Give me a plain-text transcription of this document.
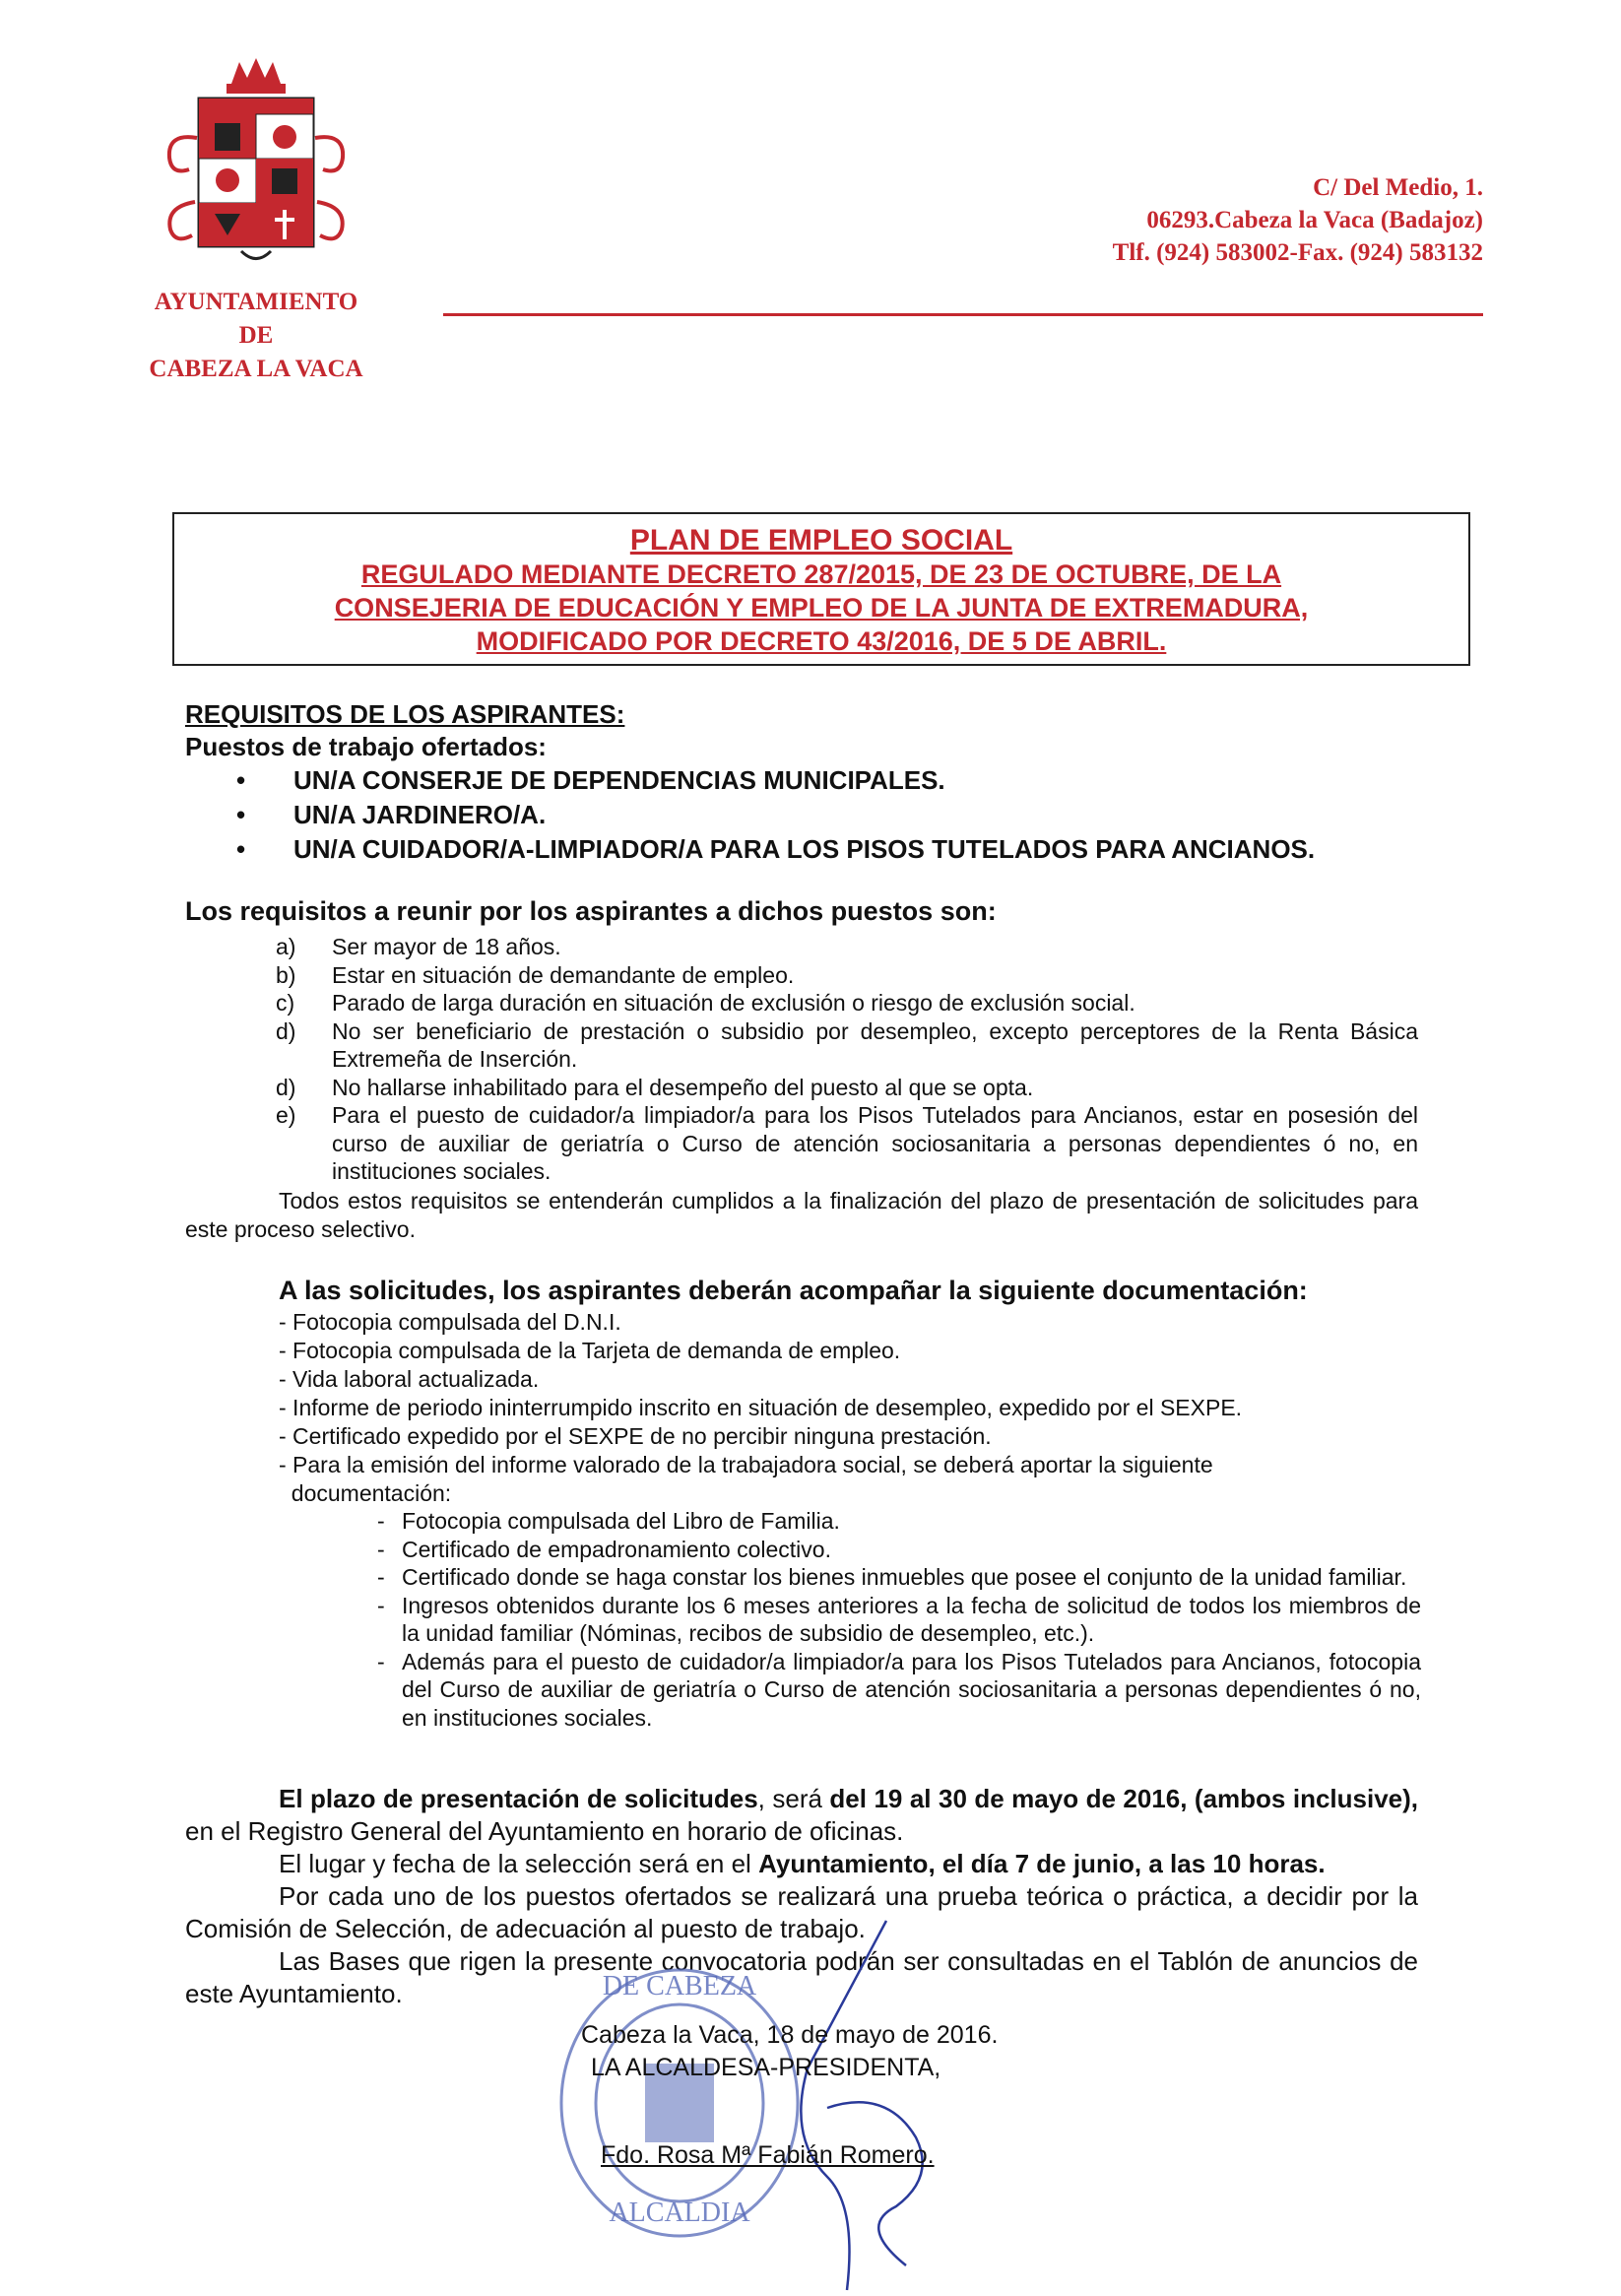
AYUNTAMIENTO
DE
CABEZA LA VACA
C/ Del Medio, 1.
06293.Cabeza la Vaca (Badajoz)
Tlf. (924) 583002-Fax. (924) 583132
PLAN DE EMPLEO SOCIAL
REGULADO MEDIANTE DECRETO 287/2015, DE 23 DE OCTUBRE, DE LA
CONSEJERIA DE EDUCACIÓN Y EMPLEO DE LA JUNTA DE EXTREMADURA,
MODIFICADO POR DECRETO 43/2016, DE 5 DE ABRIL.
REQUISITOS DE LOS ASPIRANTES:
Puestos de trabajo ofertados:
• UN/A CONSERJE DE DEPENDENCIAS MUNICIPALES.
• UN/A JARDINERO/A.
• UN/A CUIDADOR/A-LIMPIADOR/A PARA LOS PISOS TUTELADOS PARA ANCIANOS.
Los requisitos a reunir por los aspirantes a dichos puestos son:
a) Ser mayor de 18 años.
b) Estar en situación de demandante de empleo.
c) Parado de larga duración en situación de exclusión o riesgo de exclusión social.
d) No ser beneficiario de prestación o subsidio por desempleo, excepto perceptores de la Renta Básica Extremeña de Inserción.
d) No hallarse inhabilitado para el desempeño del puesto al que se opta.
e) Para el puesto de cuidador/a limpiador/a para los Pisos Tutelados para Ancianos, estar en posesión del curso de auxiliar de geriatría o Curso de atención sociosanitaria a personas dependientes ó no, en instituciones sociales.
Todos estos requisitos se entenderán cumplidos a la finalización del plazo de presentación de solicitudes para este proceso selectivo.
A las solicitudes, los aspirantes deberán acompañar la siguiente documentación:
- Fotocopia compulsada del D.N.I.
- Fotocopia compulsada de la Tarjeta de demanda de empleo.
- Vida laboral actualizada.
- Informe de periodo ininterrumpido inscrito en situación de desempleo, expedido por el SEXPE.
- Certificado expedido por el SEXPE de no percibir ninguna prestación.
- Para la emisión del informe valorado de la trabajadora social, se deberá aportar la siguiente
documentación:
- Fotocopia compulsada del Libro de Familia.
- Certificado de empadronamiento colectivo.
- Certificado donde se haga constar los bienes inmuebles que posee el conjunto de la unidad familiar.
- Ingresos obtenidos durante los 6 meses anteriores a la fecha de solicitud de todos los miembros de la unidad familiar (Nóminas, recibos de subsidio de desempleo, etc.).
- Además para el puesto de cuidador/a limpiador/a para los Pisos Tutelados para Ancianos, fotocopia del Curso de auxiliar de geriatría o Curso de atención sociosanitaria a personas dependientes ó no, en instituciones sociales.

El plazo de presentación de solicitudes, será del 19 al 30 de mayo de 2016, (ambos inclusive), en el Registro General del Ayuntamiento en horario de oficinas.

El lugar y fecha de la selección será en el Ayuntamiento, el día 7 de junio, a las 10 horas.

Por cada uno de los puestos ofertados se realizará una prueba teórica o práctica, a decidir por la Comisión de Selección, de adecuación al puesto de trabajo.

Las Bases que rigen la presente convocatoria podrán ser consultadas en el Tablón de anuncios de este Ayuntamiento.	DE CABEZA
ALCALDIA
Cabeza la Vaca, 18 de mayo de 2016.
LA ALCALDESA-PRESIDENTA,
Fdo. Rosa Mª Fabián Romero.
